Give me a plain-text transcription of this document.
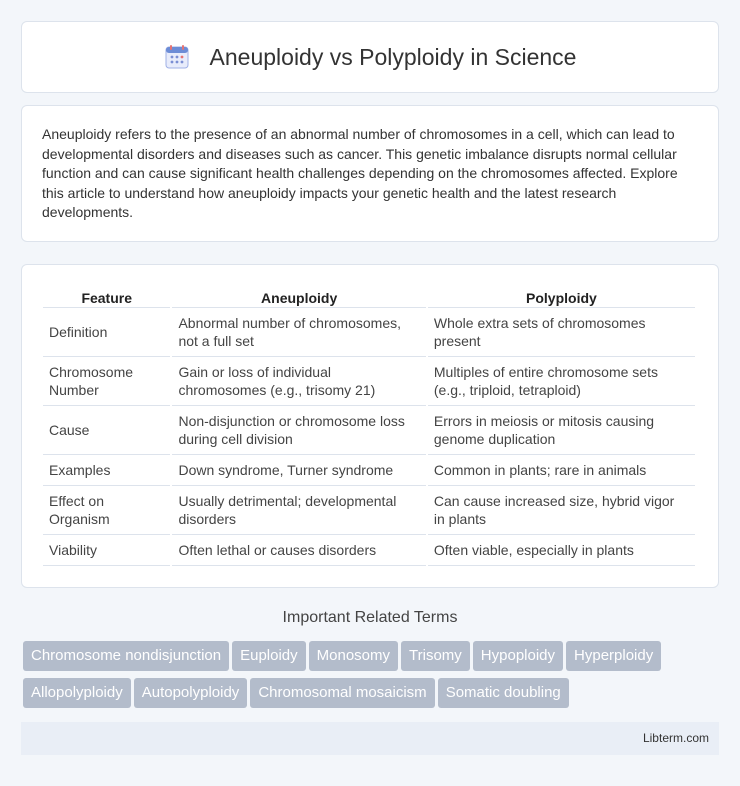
Aneuploidy vs Polyploidy in Science

Aneuploidy refers to the presence of an abnormal number of chromosomes in a cell, which can lead to developmental disorders and diseases such as cancer. This genetic imbalance disrupts normal cellular function and can cause significant health challenges depending on the chromosomes affected. Explore this article to understand how aneuploidy impacts your genetic health and the latest research developments.

Feature	Aneuploidy	Polyploidy
Definition	Abnormal number of chromosomes, not a full set	Whole extra sets of chromosomes present
Chromosome Number	Gain or loss of individual chromosomes (e.g., trisomy 21)	Multiples of entire chromosome sets (e.g., triploid, tetraploid)
Cause	Non-disjunction or chromosome loss during cell division	Errors in meiosis or mitosis causing genome duplication
Examples	Down syndrome, Turner syndrome	Common in plants; rare in animals
Effect on Organism	Usually detrimental; developmental disorders	Can cause increased size, hybrid vigor in plants
Viability	Often lethal or causes disorders	Often viable, especially in plants
Important Related Terms
Chromosome nondisjunction Euploidy Monosomy Trisomy Hypoploidy Hyperploidy
Allopolyploidy Autopolyploidy Chromosomal mosaicism Somatic doubling
Libterm.com
